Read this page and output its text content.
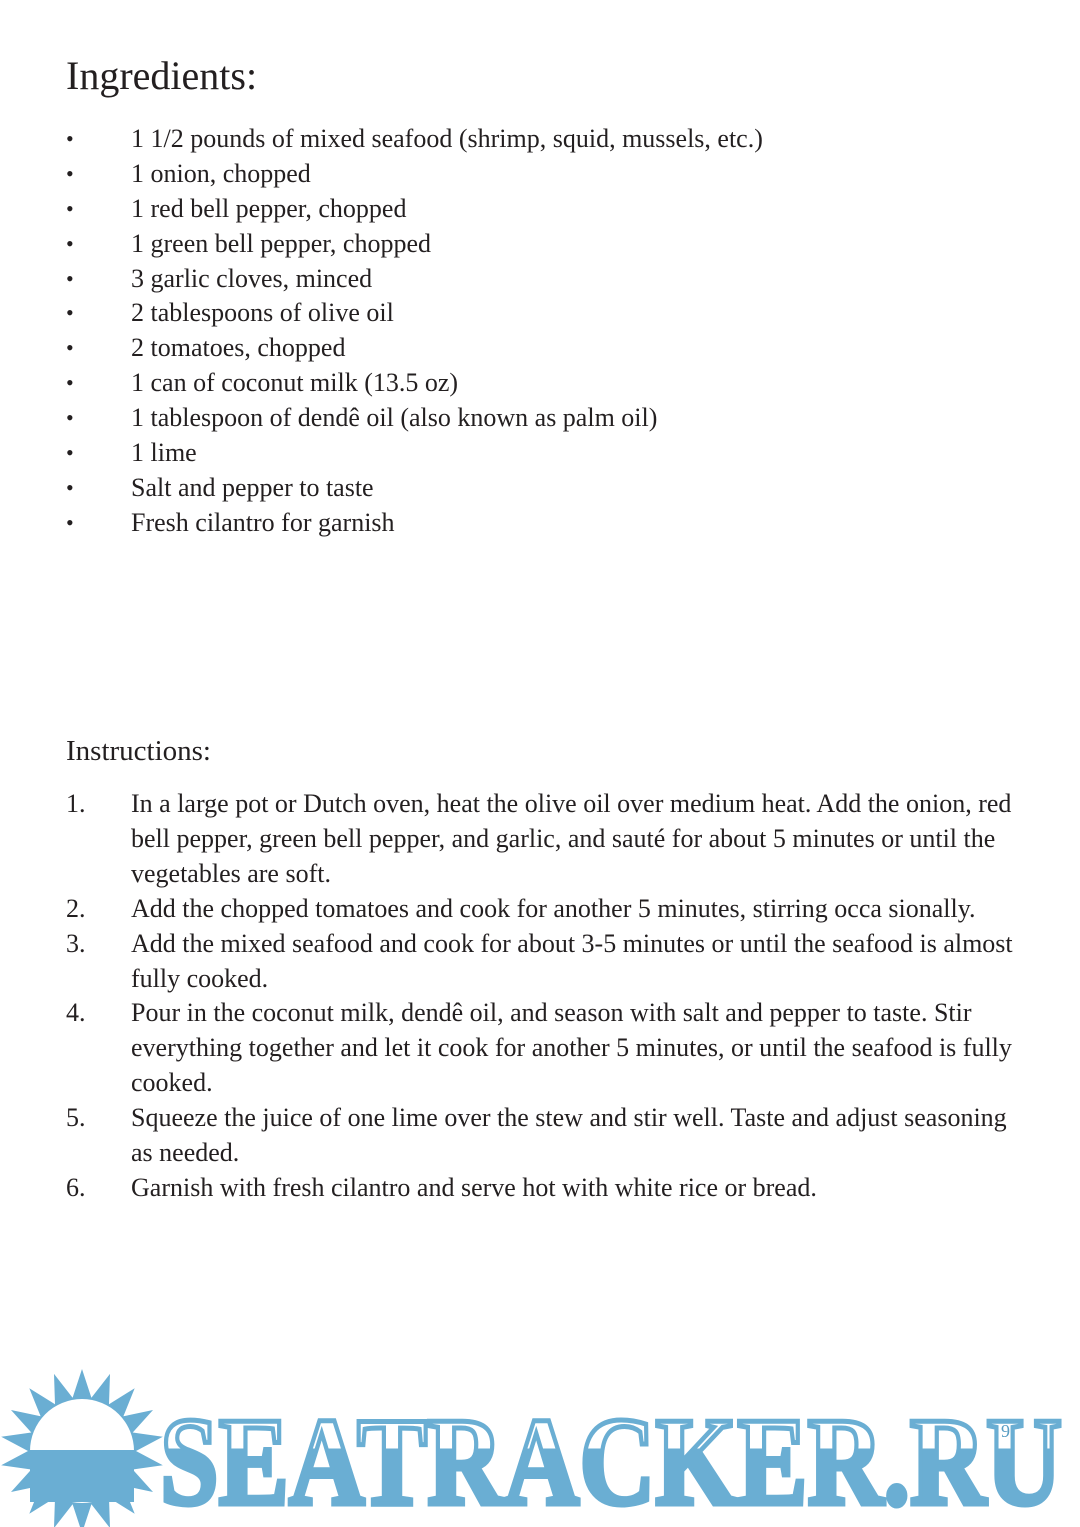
Ingredients:
• 1 1/2 pounds of mixed seafood (shrimp, squid, mussels, etc.)
• 1 onion, chopped
• 1 red bell pepper, chopped
• 1 green bell pepper, chopped
• 3 garlic cloves, minced
• 2 tablespoons of olive oil
• 2 tomatoes, chopped
• 1 can of coconut milk (13.5 oz)
• 1 tablespoon of dendê oil (also known as palm oil)
• 1 lime
• Salt and pepper to taste
• Fresh cilantro for garnish
Instructions:
1. In a large pot or Dutch oven, heat the olive oil over medium heat. Add the onion, red bell pepper, green bell pepper, and garlic, and sauté for about 5 minutes or until the vegetables are soft.
2. Add the chopped tomatoes and cook for another 5 minutes, stirring occa sionally.
3. Add the mixed seafood and cook for about 3-5 minutes or until the seafood is almost fully cooked.
4. Pour in the coconut milk, dendê oil, and season with salt and pepper to taste. Stir everything together and let it cook for another 5 minutes, or until the seafood is fully cooked.
5. Squeeze the juice of one lime over the stew and stir well. Taste and adjust seasoning as needed.
6. Garnish with fresh cilantro and serve hot with white rice or bread.
SEATRACKER.RU
9
